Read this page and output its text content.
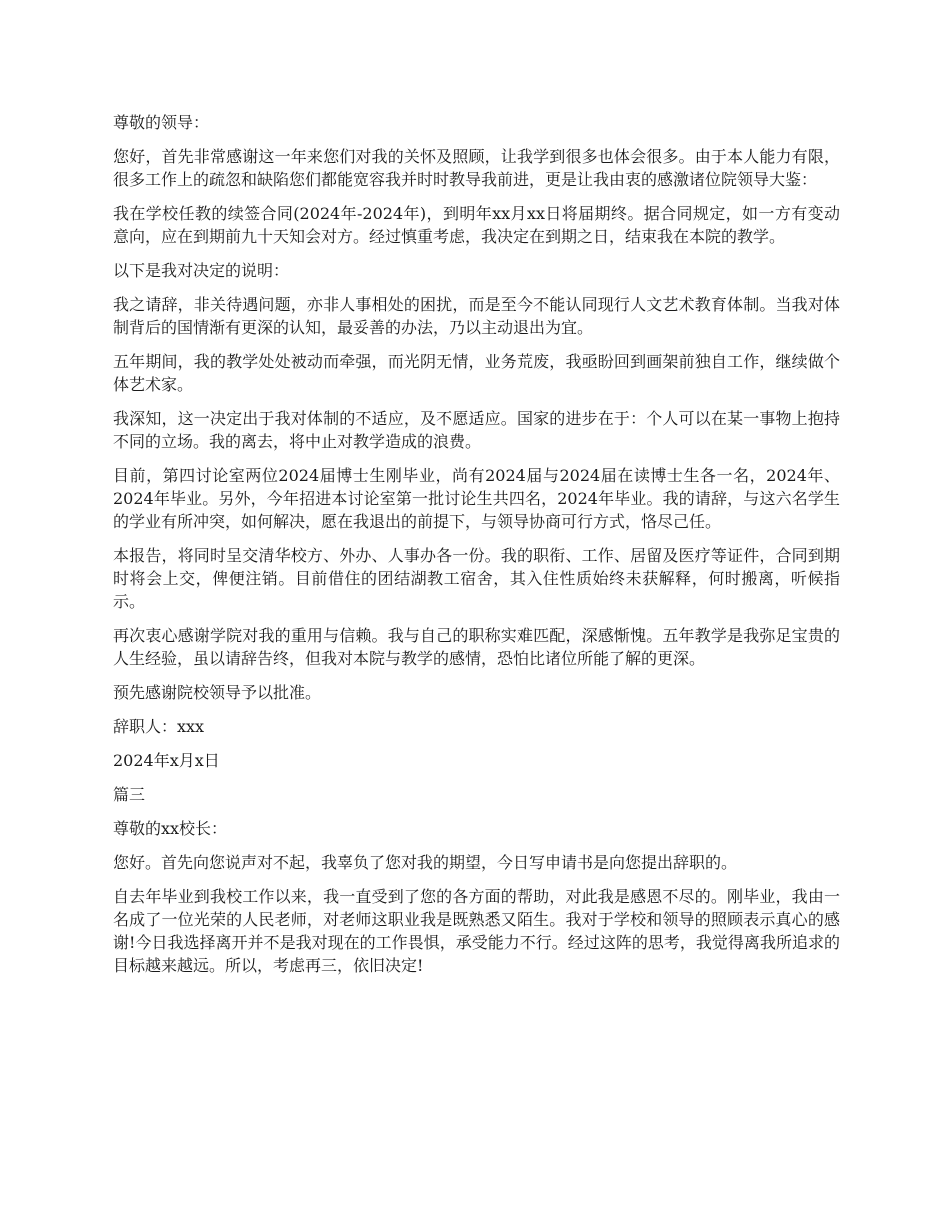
尊敬的领导：

您好，首先非常感谢这一年来您们对我的关怀及照顾，让我学到很多也体会很多。由于本人能力有限，很多工作上的疏忽和缺陷您们都能宽容我并时时教导我前进，更是让我由衷的感激诸位院领导大鉴：

我在学校任教的续签合同(2024年-2024年)，到明年xx月xx日将届期终。据合同规定，如一方有变动意向，应在到期前九十天知会对方。经过慎重考虑，我决定在到期之日，结束我在本院的教学。

以下是我对决定的说明：

我之请辞，非关待遇问题，亦非人事相处的困扰，而是至今不能认同现行人文艺术教育体制。当我对体制背后的国情渐有更深的认知，最妥善的办法，乃以主动退出为宜。

五年期间，我的教学处处被动而牵强，而光阴无情，业务荒废，我亟盼回到画架前独自工作，继续做个体艺术家。

我深知，这一决定出于我对体制的不适应，及不愿适应。国家的进步在于：个人可以在某一事物上抱持不同的立场。我的离去，将中止对教学造成的浪费。

目前，第四讨论室两位2024届博士生刚毕业，尚有2024届与2024届在读博士生各一名，2024年、2024年毕业。另外，今年招进本讨论室第一批讨论生共四名，2024年毕业。我的请辞，与这六名学生的学业有所冲突，如何解决，愿在我退出的前提下，与领导协商可行方式，恪尽己任。

本报告，将同时呈交清华校方、外办、人事办各一份。我的职衔、工作、居留及医疗等证件，合同到期时将会上交，俾便注销。目前借住的团结湖教工宿舍，其入住性质始终未获解释，何时搬离，听候指示。

再次衷心感谢学院对我的重用与信赖。我与自己的职称实难匹配，深感惭愧。五年教学是我弥足宝贵的人生经验，虽以请辞告终，但我对本院与教学的感情，恐怕比诸位所能了解的更深。

预先感谢院校领导予以批准。

辞职人：xxx

2024年x月x日

篇三

尊敬的xx校长：

您好。首先向您说声对不起，我辜负了您对我的期望，今日写申请书是向您提出辞职的。

自去年毕业到我校工作以来，我一直受到了您的各方面的帮助，对此我是感恩不尽的。刚毕业，我由一名成了一位光荣的人民老师，对老师这职业我是既熟悉又陌生。我对于学校和领导的照顾表示真心的感谢!今日我选择离开并不是我对现在的工作畏惧，承受能力不行。经过这阵的思考，我觉得离我所追求的目标越来越远。所以，考虑再三，依旧决定!
